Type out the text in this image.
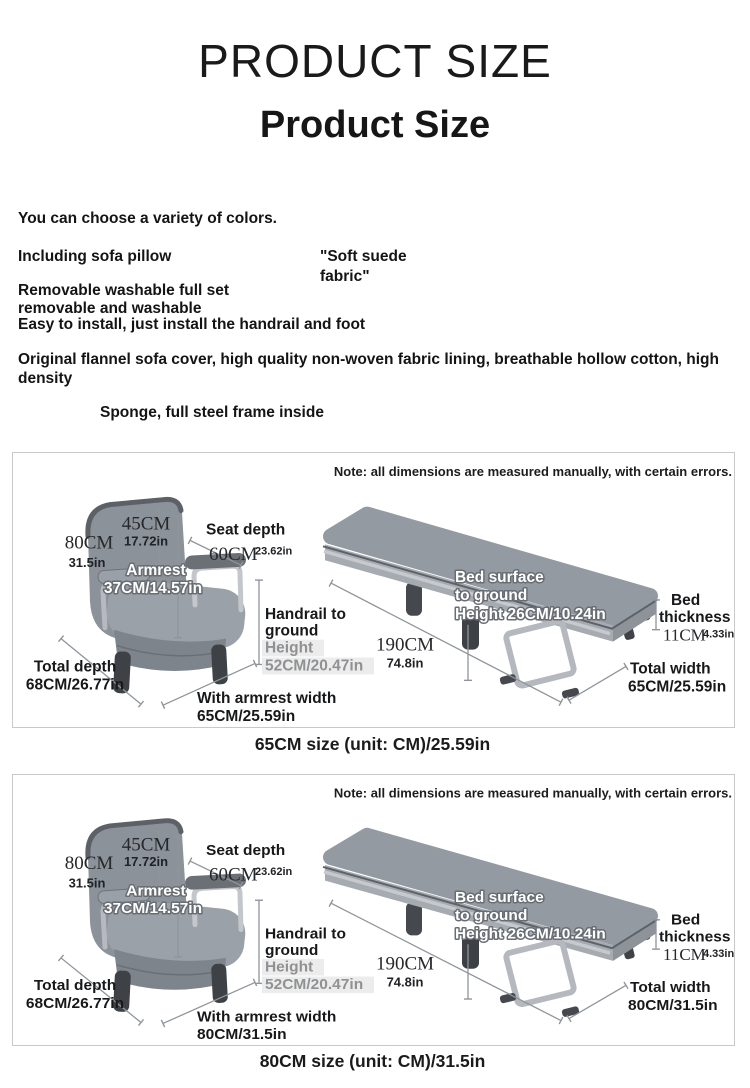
PRODUCT SIZE
Product Size
You can choose a variety of colors.
Including sofa pillow	"Soft suede
fabric"
Removable washable full set
removable and washable
Easy to install, just install the handrail and foot
Original flannel sofa cover, high quality non-woven fabric lining, breathable hollow cotton, high
density
Sponge, full steel frame inside
Note: all dimensions are measured manually, with certain errors.
45CM
17.72in
80CM
31.5in
Seat depth
60CM
23.62in
Armrest
37CM/14.57in
Handrail to
ground
Height
52CM/20.47in
Total depth
68CM/26.77in
With armrest width
65CM/25.59in
Bed surface
to ground
Height 26CM/10.24in
190CM
74.8in
Bed
thickness
11CM
4.33in
Total width
65CM/25.59in
65CM size (unit: CM)/25.59in
Note: all dimensions are measured manually, with certain errors.
45CM
17.72in
80CM
31.5in
Seat depth
60CM
23.62in
Armrest
37CM/14.57in
Handrail to
ground
Height
52CM/20.47in
Total depth
68CM/26.77in
With armrest width
80CM/31.5in
Bed surface
to ground
Height 26CM/10.24in
190CM
74.8in
Bed
thickness
11CM
4.33in
Total width
80CM/31.5in
80CM size (unit: CM)/31.5in
